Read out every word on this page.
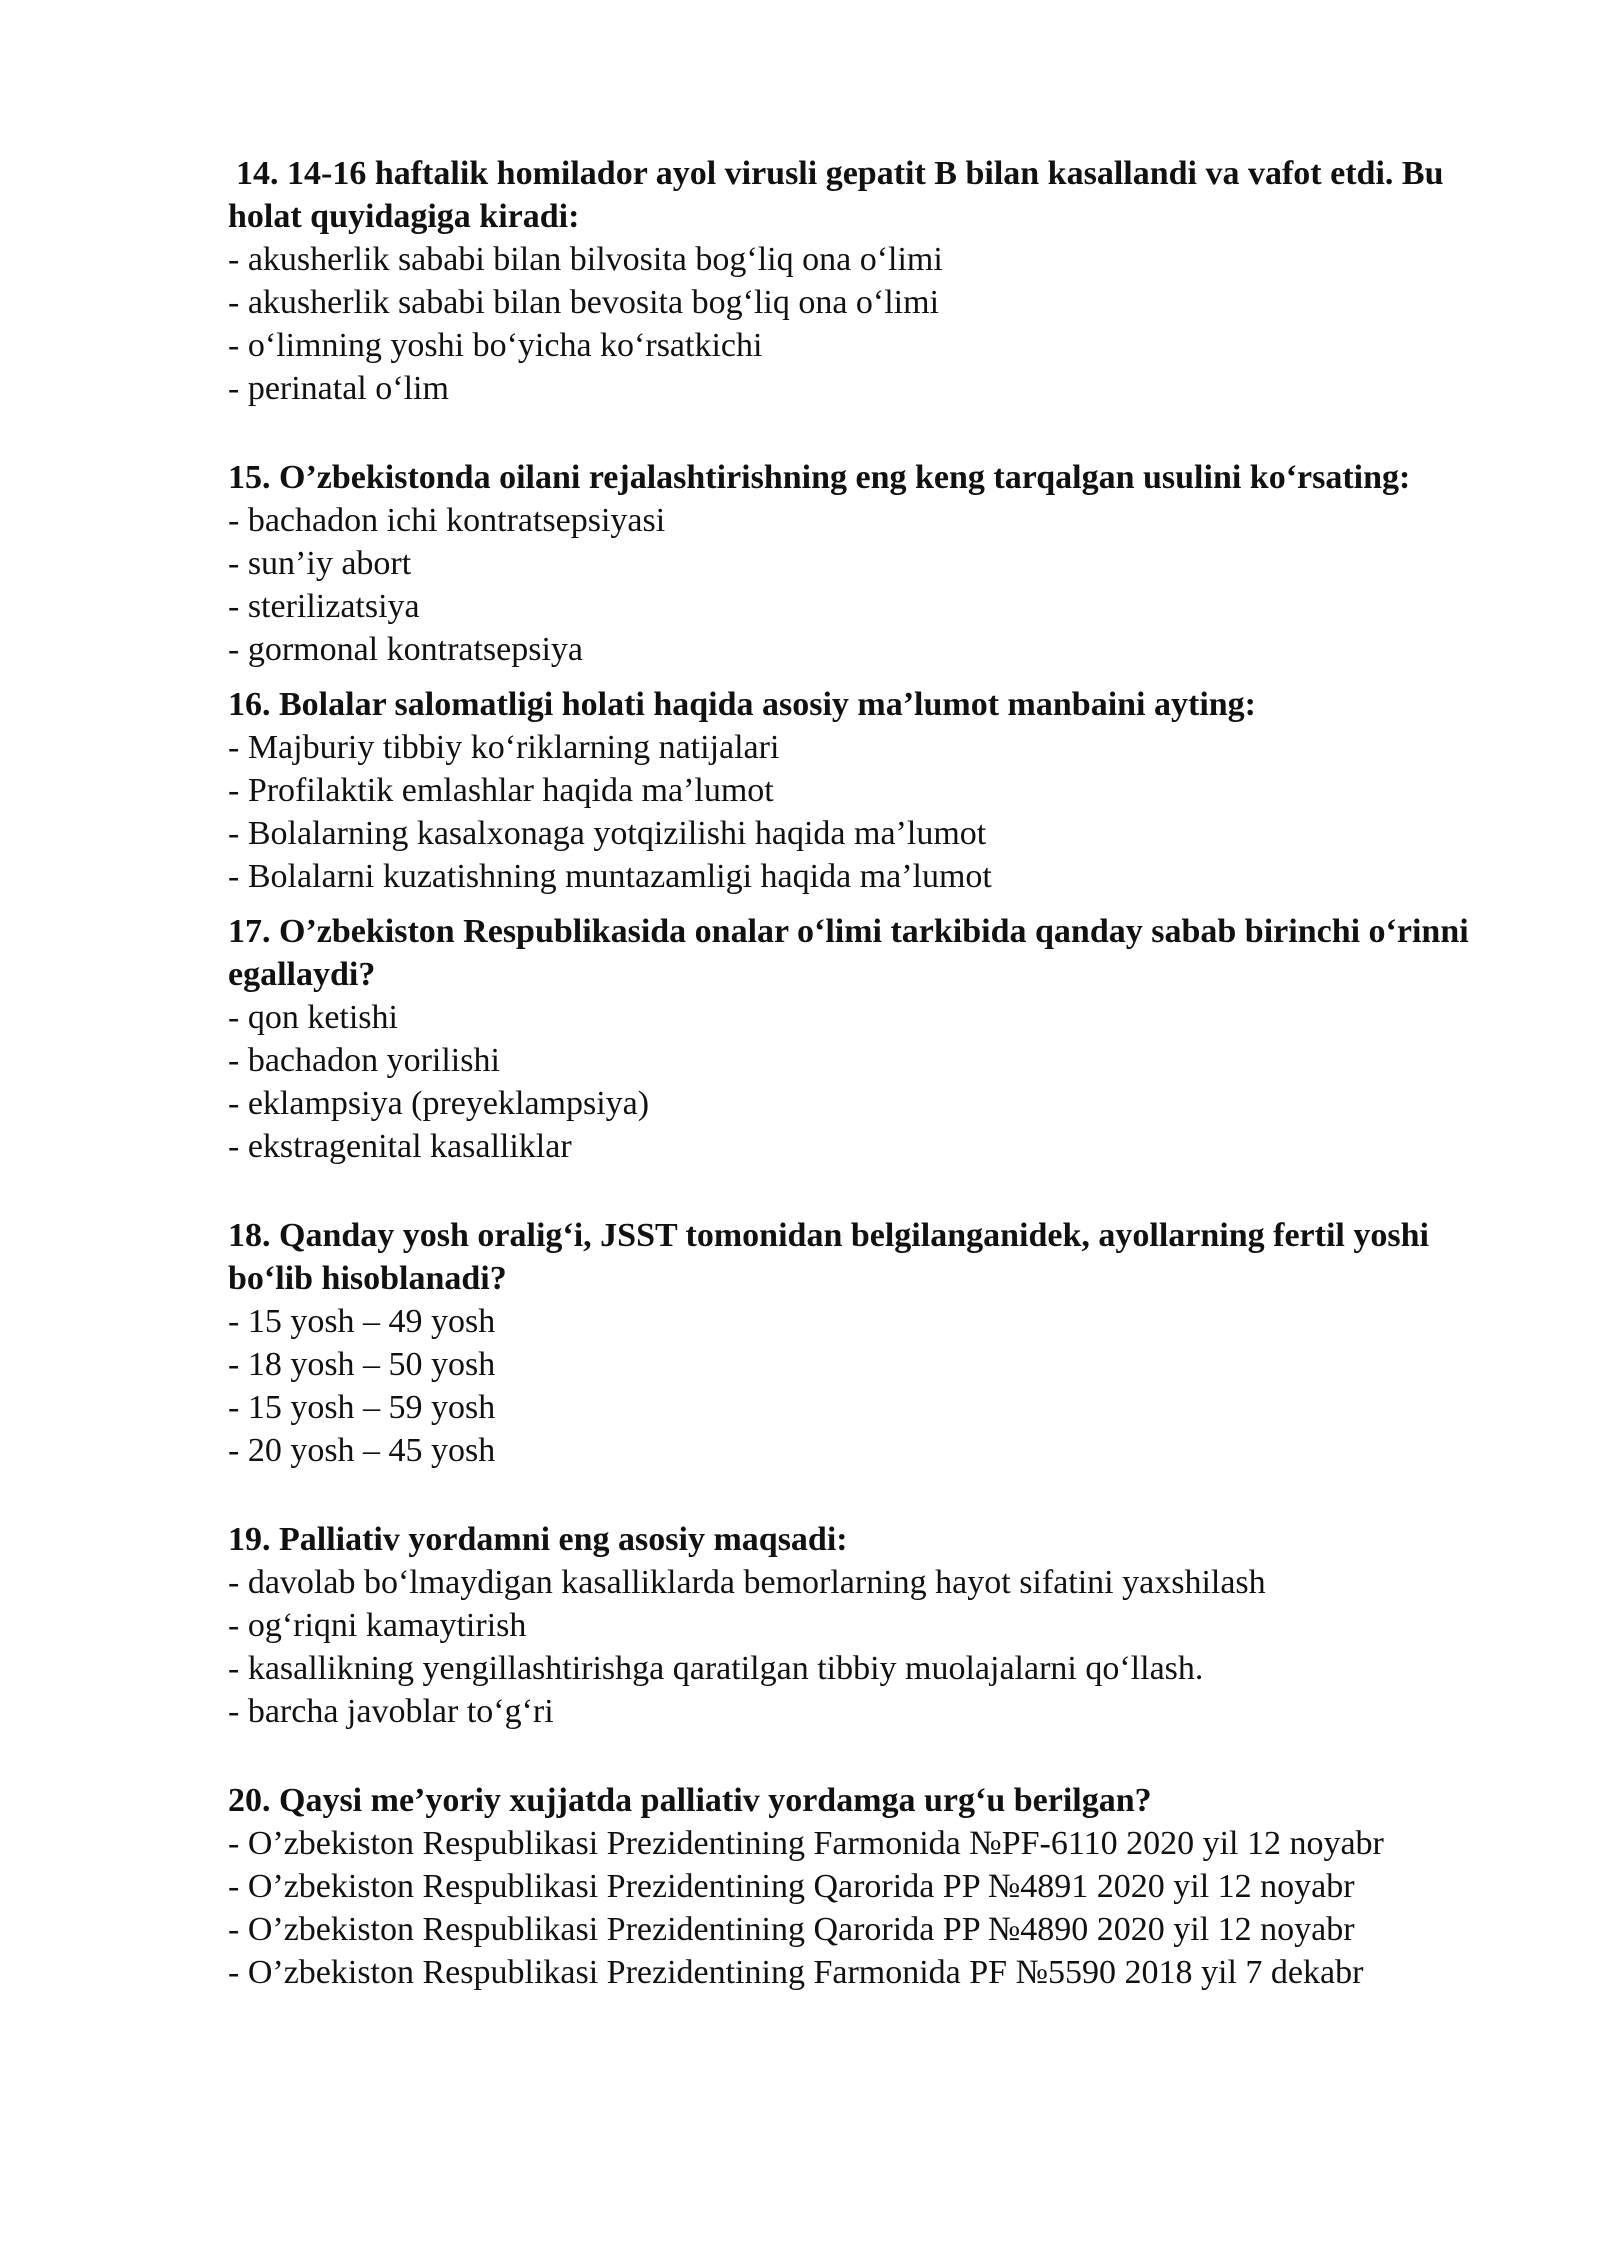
14. 14-16 haftalik homilador ayol virusli gepatit B bilan kasallandi va vafot etdi. Bu holat quyidagiga kiradi:

- akusherlik sababi bilan bilvosita bog‘liq ona o‘limi
- akusherlik sababi bilan bevosita bog‘liq ona o‘limi
- o‘limning yoshi bo‘yicha ko‘rsatkichi
- perinatal o‘lim

15. O’zbekistonda oilani rejalashtirishning eng keng tarqalgan usulini ko‘rsating:

- bachadon ichi kontratsepsiyasi
- sun’iy abort
- sterilizatsiya
- gormonal kontratsepsiya

16. Bolalar salomatligi holati haqida asosiy ma’lumot manbaini ayting:

- Majburiy tibbiy ko‘riklarning natijalari
- Profilaktik emlashlar haqida ma’lumot
- Bolalarning kasalxonaga yotqizilishi haqida ma’lumot
- Bolalarni kuzatishning muntazamligi haqida ma’lumot

17. O’zbekiston Respublikasida onalar o‘limi tarkibida qanday sabab birinchi o‘rinni egallaydi?

- qon ketishi
- bachadon yorilishi
- eklampsiya (preyeklampsiya)
- ekstragenital kasalliklar

18. Qanday yosh oralig‘i, JSST tomonidan belgilanganidek, ayollarning fertil yoshi bo‘lib hisoblanadi?

- 15 yosh – 49 yosh
- 18 yosh – 50 yosh
- 15 yosh – 59 yosh
- 20 yosh – 45 yosh

19. Palliativ yordamni eng asosiy maqsadi:

- davolab bo‘lmaydigan kasalliklarda bemorlarning hayot sifatini yaxshilash
- og‘riqni kamaytirish
- kasallikning yengillashtirishga qaratilgan tibbiy muolajalarni qo‘llash.
- barcha javoblar to‘g‘ri

20. Qaysi me’yoriy xujjatda palliativ yordamga urg‘u berilgan?

- O’zbekiston Respublikasi Prezidentining Farmonida №PF-6110 2020 yil 12 noyabr
- O’zbekiston Respublikasi Prezidentining Qarorida PP №4891 2020 yil 12 noyabr
- O’zbekiston Respublikasi Prezidentining Qarorida PP №4890 2020 yil 12 noyabr
- O’zbekiston Respublikasi Prezidentining Farmonida PF №5590 2018 yil 7 dekabr
